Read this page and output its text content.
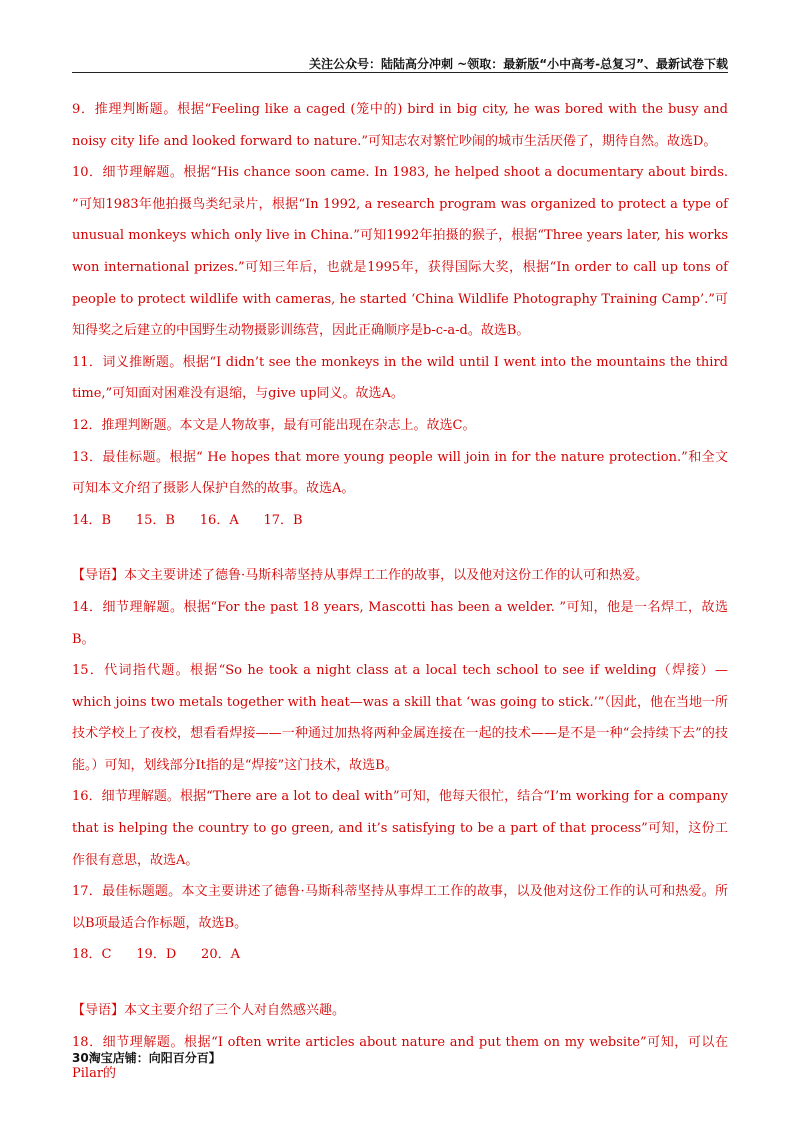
关注公众号：陆陆高分冲刺 ~领取：最新版“小中高考-总复习”、最新试卷下载

9．推理判断题。根据“Feeling like a caged (笼中的) bird in big city, he was bored with the busy and noisy city life and looked forward to nature.”可知志农对繁忙吵闹的城市生活厌倦了，期待自然。故选D。

10．细节理解题。根据“His chance soon came. In 1983, he helped shoot a documentary about birds. ”可知1983年他拍摄鸟类纪录片，根据“In 1992, a research program was organized to protect a type of unusual monkeys which only live in China.”可知1992年拍摄的猴子，根据“Three years later, his works won international prizes.”可知三年后，也就是1995年，获得国际大奖，根据“In order to call up tons of people to protect wildlife with cameras, he started ‘China Wildlife Photography Training Camp’.”可知得奖之后建立的中国野生动物摄影训练营，因此正确顺序是b-c-a-d。故选B。

11．词义推断题。根据“I didn’t see the monkeys in the wild until I went into the mountains the third time,”可知面对困难没有退缩，与give up同义。故选A。

12．推理判断题。本文是人物故事，最有可能出现在杂志上。故选C。

13．最佳标题。根据“ He hopes that more young people will join in for the nature protection.”和全文可知本文介绍了摄影人保护自然的故事。故选A。

14．B      15．B      16．A      17．B

【导语】本文主要讲述了德鲁·马斯科蒂坚持从事焊工工作的故事，以及他对这份工作的认可和热爱。

14．细节理解题。根据“For the past 18 years, Mascotti has been a welder. ”可知，他是一名焊工，故选B。

15．代词指代题。根据“So he took a night class at a local tech school to see if welding（焊接）—which joins two metals together with heat—was a skill that ‘was going to stick.’”（因此，他在当地一所技术学校上了夜校，想看看焊接——一种通过加热将两种金属连接在一起的技术——是不是一种“会持续下去”的技能。）可知，划线部分It指的是“焊接”这门技术，故选B。

16．细节理解题。根据“There are a lot to deal with”可知，他每天很忙，结合“I’m working for a company that is helping the country to go green, and it’s satisfying to be a part of that process”可知，这份工作很有意思，故选A。

17．最佳标题题。本文主要讲述了德鲁·马斯科蒂坚持从事焊工工作的故事，以及他对这份工作的认可和热爱。所以B项最适合作标题，故选B。

18．C      19．D      20．A

【导语】本文主要介绍了三个人对自然感兴趣。

18．细节理解题。根据“I often write articles about nature and put them on my website”可知，可以在Pilar的

30淘宝店铺：向阳百分百】
